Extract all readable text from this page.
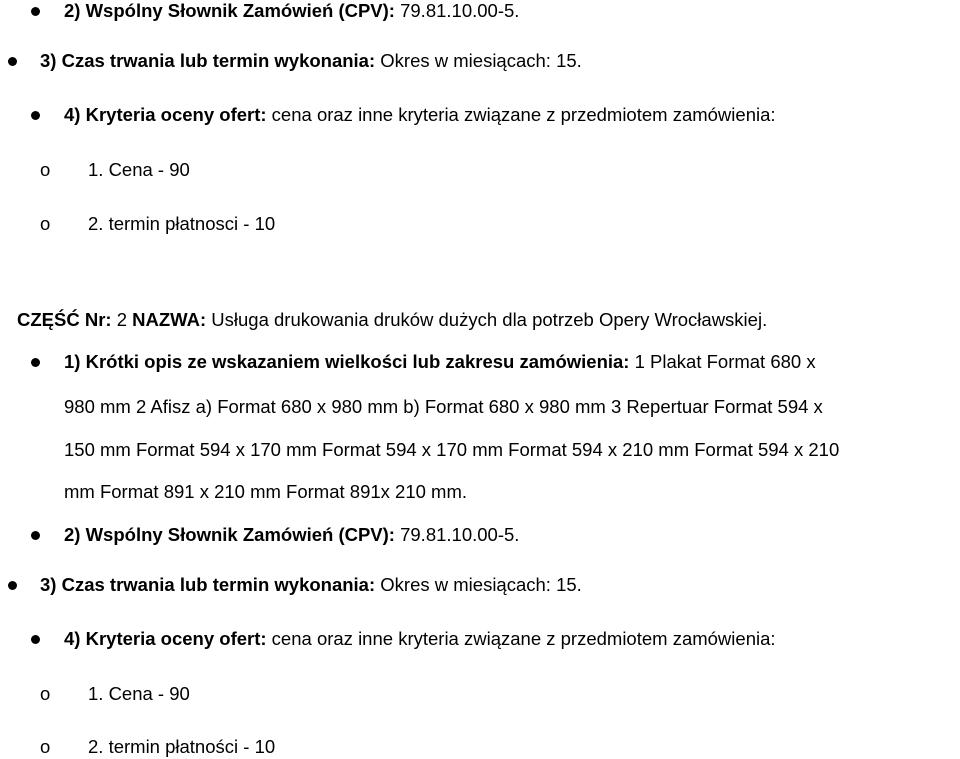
2) Wspólny Słownik Zamówień (CPV): 79.81.10.00-5.
3) Czas trwania lub termin wykonania: Okres w miesiącach: 15.
4) Kryteria oceny ofert: cena oraz inne kryteria związane z przedmiotem zamówienia:
o 1. Cena - 90
o 2. termin płatnosci - 10
CZĘŚĆ Nr: 2 NAZWA: Usługa drukowania druków dużych dla potrzeb Opery Wrocławskiej.
1) Krótki opis ze wskazaniem wielkości lub zakresu zamówienia: 1 Plakat Format 680 x
980 mm 2 Afisz a) Format 680 x 980 mm b) Format 680 x 980 mm 3 Repertuar Format 594 x
150 mm Format 594 x 170 mm Format 594 x 170 mm Format 594 x 210 mm Format 594 x 210
mm Format 891 x 210 mm Format 891x 210 mm.
2) Wspólny Słownik Zamówień (CPV): 79.81.10.00-5.
3) Czas trwania lub termin wykonania: Okres w miesiącach: 15.
4) Kryteria oceny ofert: cena oraz inne kryteria związane z przedmiotem zamówienia:
o 1. Cena - 90
o 2. termin płatności - 10
